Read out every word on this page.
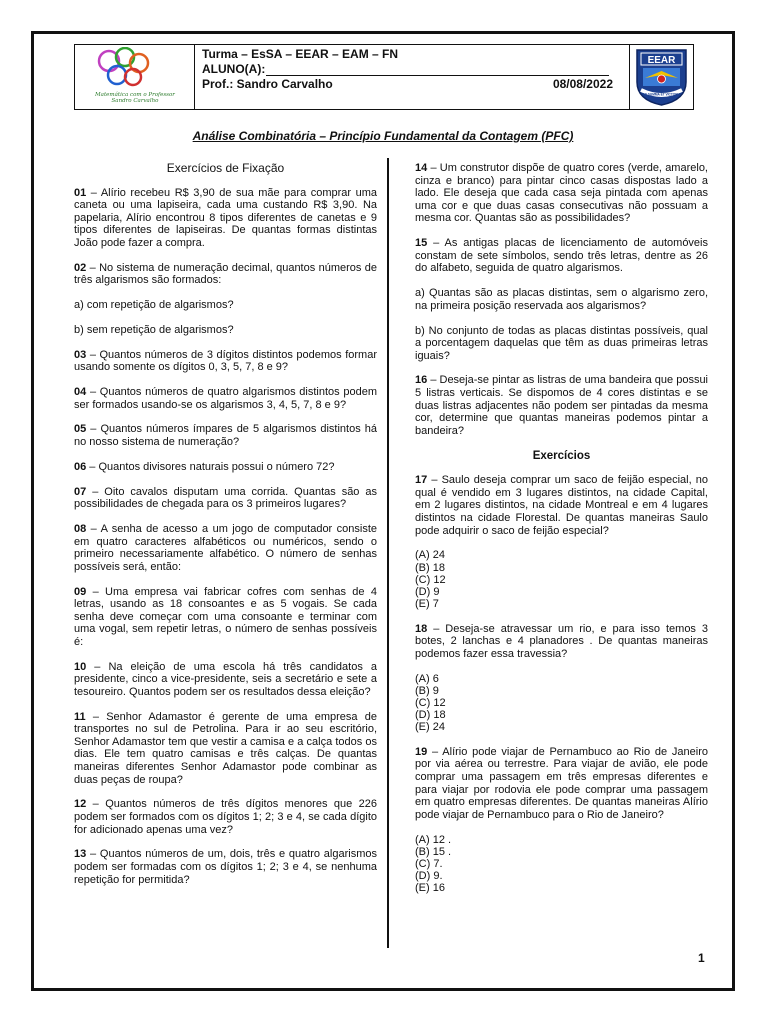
Matemática com o Professor
Sandro Carvalho
Turma – EsSA – EEAR – EAM – FN
ALUNO(A):
Prof.: Sandro Carvalho	08/08/2022
EEAR
AD SUMMA ET VICTORIA
Análise Combinatória – Princípio Fundamental da Contagem (PFC)
Exercícios de Fixação

01 – Alírio recebeu R$ 3,90 de sua mãe para comprar uma caneta ou uma lapiseira, cada uma custando R$ 3,90. Na papelaria, Alírio encontrou 8 tipos diferentes de canetas e 9 tipos diferentes de lapiseiras. De quantas formas distintas João pode fazer a compra.

02 – No sistema de numeração decimal, quantos números de três algarismos são formados:

a) com repetição de algarismos?

b) sem repetição de algarismos?

03 – Quantos números de 3 dígitos distintos podemos formar usando somente os dígitos 0, 3, 5, 7, 8 e 9?

04 – Quantos números de quatro algarismos distintos podem ser formados usando-se os algarismos 3, 4, 5, 7, 8 e 9?

05 – Quantos números ímpares de 5 algarismos distintos há no nosso sistema de numeração?

06 – Quantos divisores naturais possui o número 72?

07 – Oito cavalos disputam uma corrida. Quantas são as possibilidades de chegada para os 3 primeiros lugares?

08 – A senha de acesso a um jogo de computador consiste em quatro caracteres alfabéticos ou numéricos, sendo o primeiro necessariamente alfabético. O número de senhas possíveis será, então:

09 – Uma empresa vai fabricar cofres com senhas de 4 letras, usando as 18 consoantes e as 5 vogais. Se cada senha deve começar com uma consoante e terminar com uma vogal, sem repetir letras, o número de senhas possíveis é:

10 – Na eleição de uma escola há três candidatos a presidente, cinco a vice-presidente, seis a secretário e sete a tesoureiro. Quantos podem ser os resultados dessa eleição?

11 – Senhor Adamastor é gerente de uma empresa de transportes no sul de Petrolina. Para ir ao seu escritório, Senhor Adamastor tem que vestir a camisa e a calça todos os dias. Ele tem quatro camisas e três calças. De quantas maneiras diferentes Senhor Adamastor pode combinar as duas peças de roupa?

12 – Quantos números de três dígitos menores que 226 podem ser formados com os dígitos 1; 2; 3 e 4, se cada dígito for adicionado apenas uma vez?

13 – Quantos números de um, dois, três e quatro algarismos podem ser formadas com os dígitos 1; 2; 3 e 4, se nenhuma repetição for permitida?

14 – Um construtor dispõe de quatro cores (verde, amarelo, cinza e branco) para pintar cinco casas dispostas lado a lado. Ele deseja que cada casa seja pintada com apenas uma cor e que duas casas consecutivas não possuam a mesma cor. Quantas são as possibilidades?

15 – As antigas placas de licenciamento de automóveis constam de sete símbolos, sendo três letras, dentre as 26 do alfabeto, seguida de quatro algarismos.

a) Quantas são as placas distintas, sem o algarismo zero, na primeira posição reservada aos algarismos?

b) No conjunto de todas as placas distintas possíveis, qual a porcentagem daquelas que têm as duas primeiras letras iguais?

16 – Deseja-se pintar as listras de uma bandeira que possui 5 listras verticais. Se dispomos de 4 cores distintas e se duas listras adjacentes não podem ser pintadas da mesma cor, determine que quantas maneiras podemos pintar a bandeira?

Exercícios

17 – Saulo deseja comprar um saco de feijão especial, no qual é vendido em 3 lugares distintos, na cidade Capital, em 2 lugares distintos, na cidade Montreal e em 4 lugares distintos na cidade Florestal. De quantas maneiras Saulo pode adquirir o saco de feijão especial?

(A) 24
(B) 18
(C) 12
(D) 9
(E) 7

18 – Deseja-se atravessar um rio, e para isso temos 3 botes, 2 lanchas e 4 planadores . De quantas maneiras podemos fazer essa travessia?

(A) 6
(B) 9
(C) 12
(D) 18
(E) 24

19 – Alírio pode viajar de Pernambuco ao Rio de Janeiro por via aérea ou terrestre. Para viajar de avião, ele pode comprar uma passagem em três empresas diferentes e para viajar por rodovia ele pode comprar uma passagem em quatro empresas diferentes. De quantas maneiras Alírio pode viajar de Pernambuco para o Rio de Janeiro?

(A) 12 .
(B) 15 .
(C) 7.
(D) 9.
(E) 16
1
